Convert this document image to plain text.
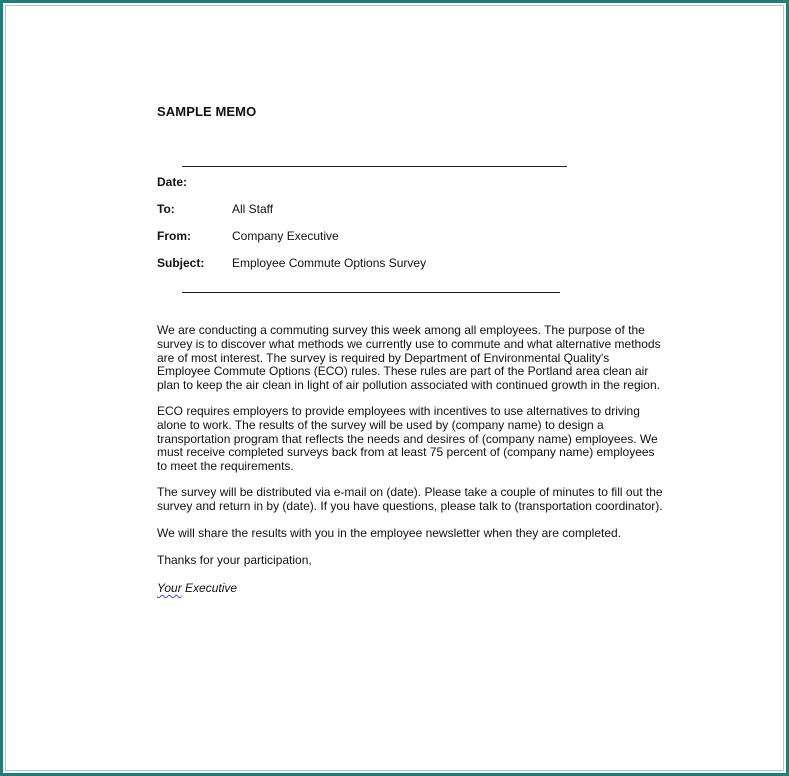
SAMPLE MEMO
Date:
To:	All Staff
From:	Company Executive
Subject: Employee Commute Options Survey

We are conducting a commuting survey this week among all employees. The purpose of the
survey is to discover what methods we currently use to commute and what alternative methods
are of most interest. The survey is required by Department of Environmental Quality's
Employee Commute Options (ECO) rules. These rules are part of the Portland area clean air
plan to keep the air clean in light of air pollution associated with continued growth in the region.

ECO requires employers to provide employees with incentives to use alternatives to driving
alone to work. The results of the survey will be used by (company name) to design a
transportation program that reflects the needs and desires of (company name) employees. We
must receive completed surveys back from at least 75 percent of (company name) employees
to meet the requirements.

The survey will be distributed via e-mail on (date). Please take a couple of minutes to fill out the
survey and return in by (date). If you have questions, please talk to (transportation coordinator).

We will share the results with you in the employee newsletter when they are completed.

Thanks for your participation,

Your Executive
